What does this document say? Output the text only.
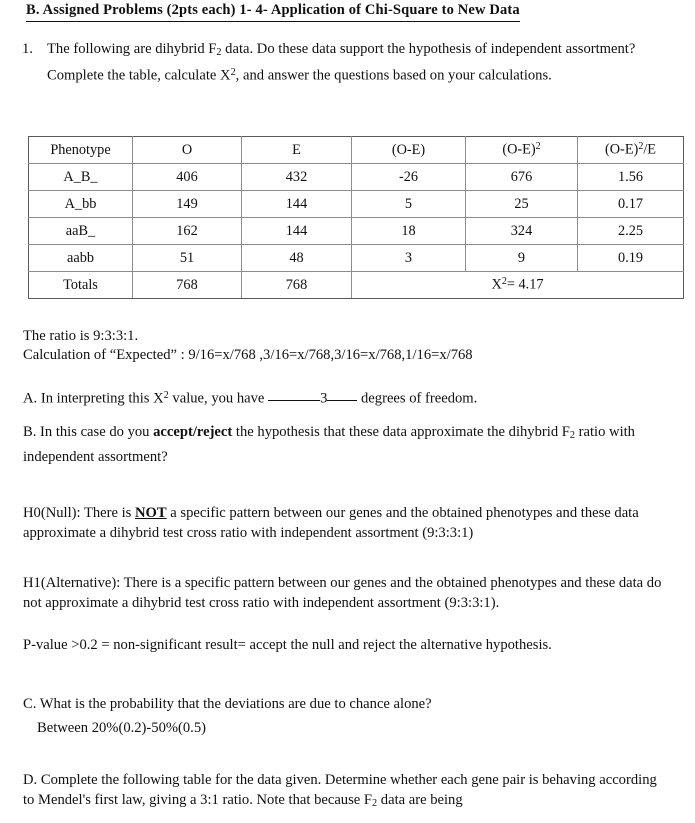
B. Assigned Problems (2pts each) 1- 4- Application of Chi-Square to New Data
1. The following are dihybrid $F_2$ data. Do these data support the hypothesis of independent assortment? Complete the table, calculate $X^2$, and answer the questions based on your calculations.
Phenotype	O	E	(O-E)	$(O-E)^2$	$(O-E)^2/E$
A_B_	406	432	-26	676	1.56
A_bb	149	144	5	25	0.17
aaB_	162	144	18	324	2.25
aabb	51	48	3	9	0.19
Totals	768	768	$X^2= 4.17$		
The ratio is 9:3:3:1.
Calculation of “Expected” : 9/16=x/768 ,3/16=x/768,3/16=x/768,1/16=x/768
A. In interpreting this $X^2$ value, you have	3 degrees of freedom.
B. In this case do you accept/reject the hypothesis that these data approximate the dihybrid $F_2$ ratio with independent assortment?
H0(Null): There is NOT a specific pattern between our genes and the obtained phenotypes and these data approximate a dihybrid test cross ratio with independent assortment (9:3:3:1)
H1(Alternative): There is a specific pattern between our genes and the obtained phenotypes and these data do not approximate a dihybrid test cross ratio with independent assortment (9:3:3:1).
P-value >0.2 = non-significant result= accept the null and reject the alternative hypothesis.
C. What is the probability that the deviations are due to chance alone?
Between 20%(0.2)-50%(0.5)
D. Complete the following table for the data given. Determine whether each gene pair is behaving according to Mendel's first law, giving a 3:1 ratio. Note that because $F_2$ data are being
